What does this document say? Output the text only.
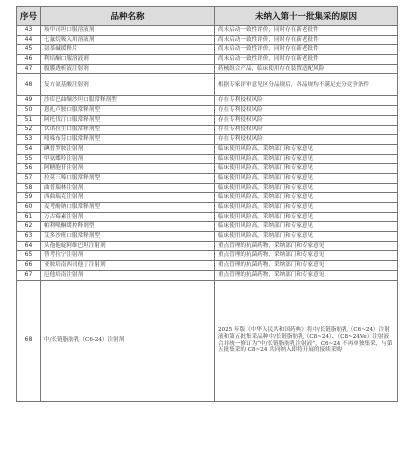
序号	品种名称	未纳入第十一批集采的原因
43	羧甲司坦口服溶液剂	尚未启动一致性评价，同时存在新老批件
44	七氟烷吸入用溶液剂	尚未启动一致性评价，同时存在新老批件
45	氨茶碱缓释片	尚未启动一致性评价，同时存在新老批件
46	利培酮口服溶液剂	尚未启动一致性评价，同时存在新老批件
47	腹膜透析液注射剂	药械组合产品，临床使用存在装置适配风险
48	复方氨基酸注射剂	根据专家评审意见区分品规后，各品规均不满足充分竞争条件
49	沙库巴曲缬沙坦口服常释剂型	存在专利侵权风险
50	恩扎卢胺口服常释剂型	存在专利侵权风险
51	阿托伐汀口服常释剂型	存在专利侵权风险
52	伏诺拉生口服常释剂型	存在专利侵权风险
53	吲哚布芬口服常释剂型	存在专利侵权风险
54	碘普罗胺注射剂	临床使用风险高，采纳部门和专家意见
55	甲氨蝶呤注射剂	临床使用风险高，采纳部门和专家意见
56	阿糖胞苷注射剂	临床使用风险高，采纳部门和专家意见
57	拉莫三嗪口服常释剂型	临床使用风险高，采纳部门和专家意见
58	曲普瑞林注射剂	临床使用风险高，采纳部门和专家意见
59	西曲瑞克注射剂	临床使用风险高，采纳部门和专家意见
60	麦考酚钠口服常释剂型	临床使用风险高，采纳部门和专家意见
61	万古霉素注射剂	临床使用风险高，采纳部门和专家意见
62	帕利哌酮缓控释剂型	临床使用风险高，采纳部门和专家意见
63	艾多沙班口服常释剂型	临床使用风险高，采纳部门和专家意见
64	头孢他啶阿维巴坦注射剂	重点管理的抗菌药物，采纳部门和专家意见
65	替考拉宁注射剂	重点管理的抗菌药物，采纳部门和专家意见
66	亚胺培南西司他丁注射剂	重点管理的抗菌药物，采纳部门和专家意见
67	厄他培南注射剂	重点管理的抗菌药物，采纳部门和专家意见
68	中/长链脂肪乳（C6-24）注射剂	2025 年版《中华人民共和国药典》将中/长链脂肪乳（C6~24）注射液和第五批集采品种中/长链脂肪乳（C8~24）、（C8~24Ve）注射液合并统一修订为“中/长链脂肪乳注射液”，C6~24 不再单独集采，与第五批集采的 C8~24 共同纳入即将开展的接续采购
